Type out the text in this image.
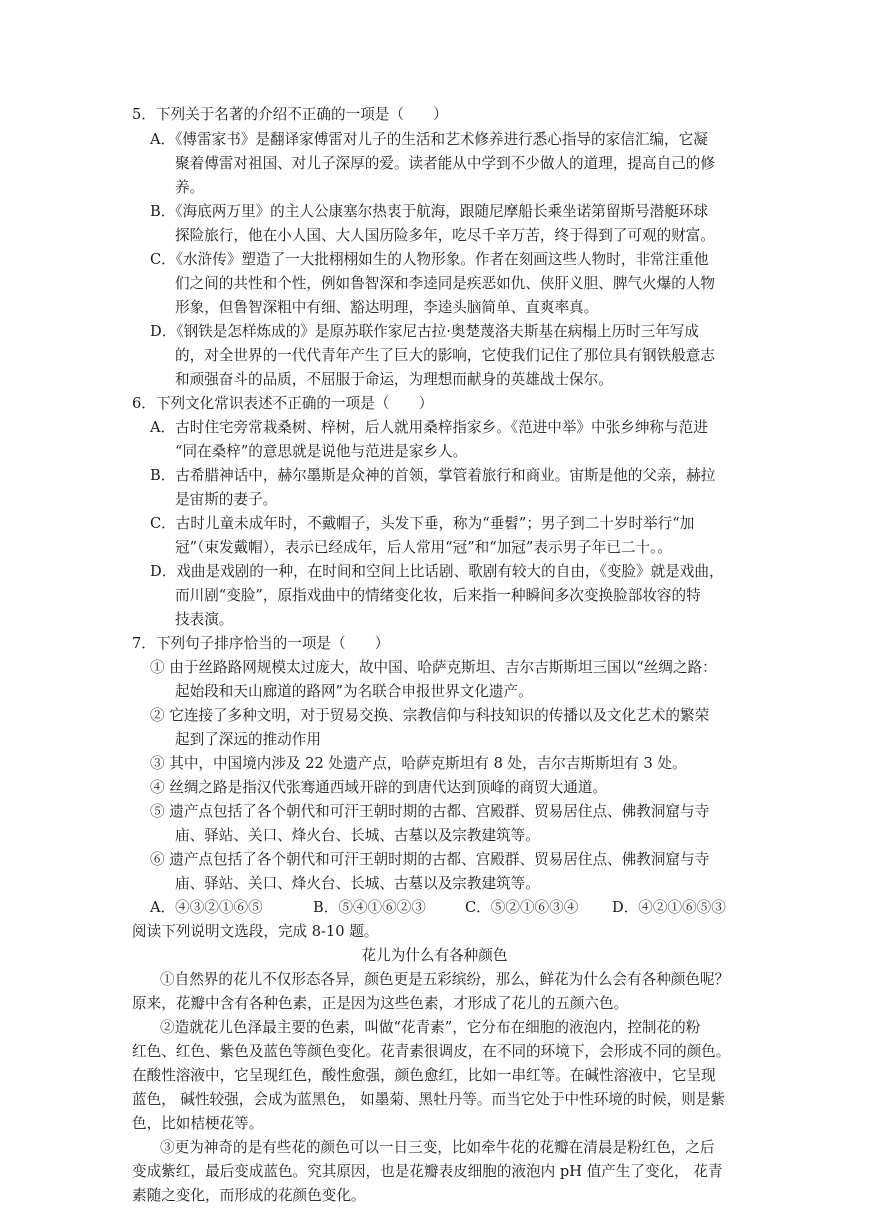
5．下列关于名著的介绍不正确的一项是（　　）
A．《傅雷家书》是翻译家傅雷对儿子的生活和艺术修养进行悉心指导的家信汇编，它凝
聚着傅雷对祖国、对儿子深厚的爱。读者能从中学到不少做人的道理，提高自己的修
养。
B．《海底两万里》的主人公康塞尔热衷于航海，跟随尼摩船长乘坐诺第留斯号潜艇环球
探险旅行，他在小人国、大人国历险多年，吃尽千辛万苦，终于得到了可观的财富。
C．《水浒传》塑造了一大批栩栩如生的人物形象。作者在刻画这些人物时，非常注重他
们之间的共性和个性，例如鲁智深和李逵同是疾恶如仇、侠肝义胆、脾气火爆的人物
形象，但鲁智深粗中有细、豁达明理，李逵头脑简单、直爽率真。
D．《钢铁是怎样炼成的》是原苏联作家尼古拉·奥楚蔑洛夫斯基在病榻上历时三年写成
的，对全世界的一代代青年产生了巨大的影响，它使我们记住了那位具有钢铁般意志
和顽强奋斗的品质，不屈服于命运，为理想而献身的英雄战士保尔。
6．下列文化常识表述不正确的一项是（　　）
A．古时住宅旁常栽桑树、梓树，后人就用桑梓指家乡。《范进中举》中张乡绅称与范进
“同在桑梓”的意思就是说他与范进是家乡人。
B．古希腊神话中，赫尔墨斯是众神的首领，掌管着旅行和商业。宙斯是他的父亲，赫拉
是宙斯的妻子。
C．古时儿童未成年时，不戴帽子，头发下垂，称为“垂髫”；男子到二十岁时举行“加
冠”（束发戴帽），表示已经成年，后人常用“冠”和“加冠”表示男子年已二十。。
D．戏曲是戏剧的一种，在时间和空间上比话剧、歌剧有较大的自由，《变脸》就是戏曲，
而川剧“变脸”，原指戏曲中的情绪变化妆，后来指一种瞬间多次变换脸部妆容的特
技表演。
7．下列句子排序恰当的一项是（　　）
① 由于丝路路网规模太过庞大，故中国、哈萨克斯坦、吉尔吉斯斯坦三国以“丝绸之路：
起始段和天山廊道的路网”为名联合申报世界文化遗产。
② 它连接了多种文明，对于贸易交换、宗教信仰与科技知识的传播以及文化艺术的繁荣
起到了深远的推动作用
③ 其中，中国境内涉及 22 处遗产点，哈萨克斯坦有 8 处，吉尔吉斯斯坦有 3 处。
④ 丝绸之路是指汉代张骞通西域开辟的到唐代达到顶峰的商贸大通道。
⑤ 遗产点包括了各个朝代和可汗王朝时期的古都、宫殿群、贸易居住点、佛教洞窟与寺
庙、驿站、关口、烽火台、长城、古墓以及宗教建筑等。
⑥ 遗产点包括了各个朝代和可汗王朝时期的古都、宫殿群、贸易居住点、佛教洞窟与寺
庙、驿站、关口、烽火台、长城、古墓以及宗教建筑等。
A．④③②①⑥⑤	B．⑤④①⑥②③	C．⑤②①⑥③④ D．④②①⑥⑤③
阅读下列说明文选段，完成 8-10 题。
花儿为什么有各种颜色
①自然界的花儿不仅形态各异，颜色更是五彩缤纷，那么，鲜花为什么会有各种颜色呢？
原来，花瓣中含有各种色素，正是因为这些色素，才形成了花儿的五颜六色。
②造就花儿色泽最主要的色素，叫做“花青素”，它分布在细胞的液泡内，控制花的粉
红色、红色、紫色及蓝色等颜色变化。花青素很调皮，在不同的环境下，会形成不同的颜色。
在酸性溶液中，它呈现红色，酸性愈强，颜色愈红，比如一串红等。在碱性溶液中，它呈现
蓝色， 碱性较强，会成为蓝黑色， 如墨菊、黑牡丹等。而当它处于中性环境的时候，则是紫
色，比如桔梗花等。
③更为神奇的是有些花的颜色可以一日三变，比如牵牛花的花瓣在清晨是粉红色，之后
变成紫红，最后变成蓝色。究其原因，也是花瓣表皮细胞的液泡内 pH 值产生了变化， 花青
素随之变化，而形成的花颜色变化。
